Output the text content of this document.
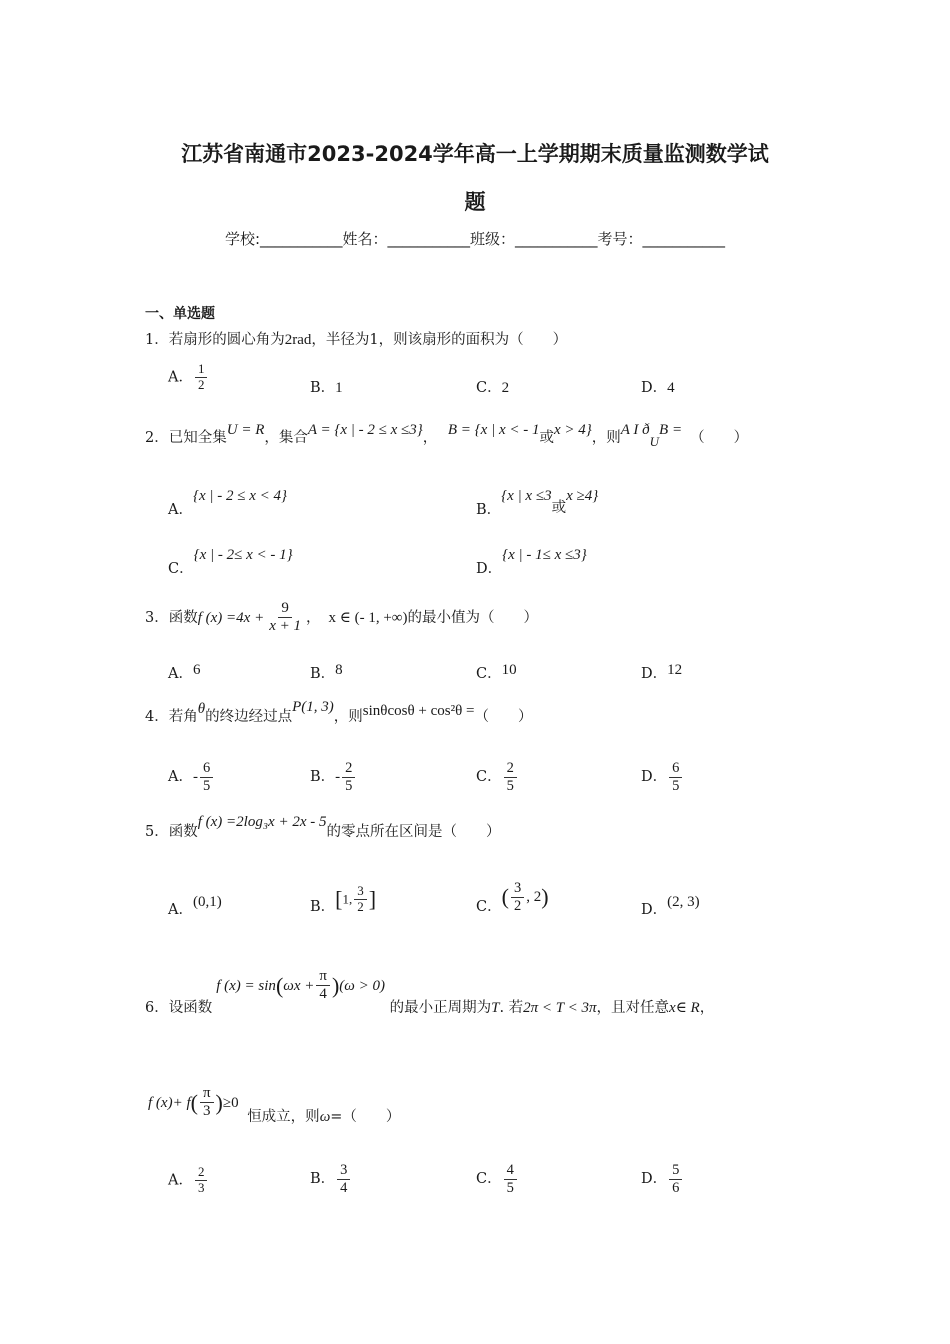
江苏省南通市2023-2024学年高一上学期期末质量监测数学试
题
学校:___________姓名：___________班级：___________考号：___________
一、单选题
1．若扇形的圆心角为2rad，半径为1，则该扇形的面积为（　　）
A． $\frac{1}{2}$	B．1	C．2	D．4
2．已知全集U = R，集合A = {x | - 2 ≤ x ≤3}， B = {x | x < - 1或x > 4}，则A I $ð_UB$ = （　　）
A．{x | - 2 ≤ x < 4}
B．{x | x ≤3或x ≥4}
C．{x | - 2≤ x < - 1}
D．{x | - 1≤ x ≤3}
3．函数f $(x) =4x + \frac{9}{x + 1}$ ， x ∈ (- 1, +∞)的最小值为（　　）
A．6	B．8	C．10	D．12
4．若角θ的终边经过点P(1, 3)，则sinθcosθ + cos²θ =（　　）
A．- $\frac{6}{5}$	B．- $\frac{2}{5}$	C． $\frac{2}{5}$	D． $\frac{6}{5}$
5．函数f (x) =2log₃x + 2x - 5的零点所在区间是（　　）
A．(0,1)	B．[1, $\frac{3}{2}$ ]	C．( $\frac{3}{2}$ , 2)
D．(2, 3)
6．设函数f $(x) = \sin(\omega x + \frac{\pi}{4} )(\omega > 0)$ 的最小正周期为T. 若2π < T < 3π，且对任意x∈ R，
f $(x)+ f( \frac{\pi}{3} )\ge 0$ 恒成立，则ω=（　　）
A． $\frac{2}{3}$	B． $\frac{3}{4}$	C． $\frac{4}{5}$	D． $\frac{5}{6}$
